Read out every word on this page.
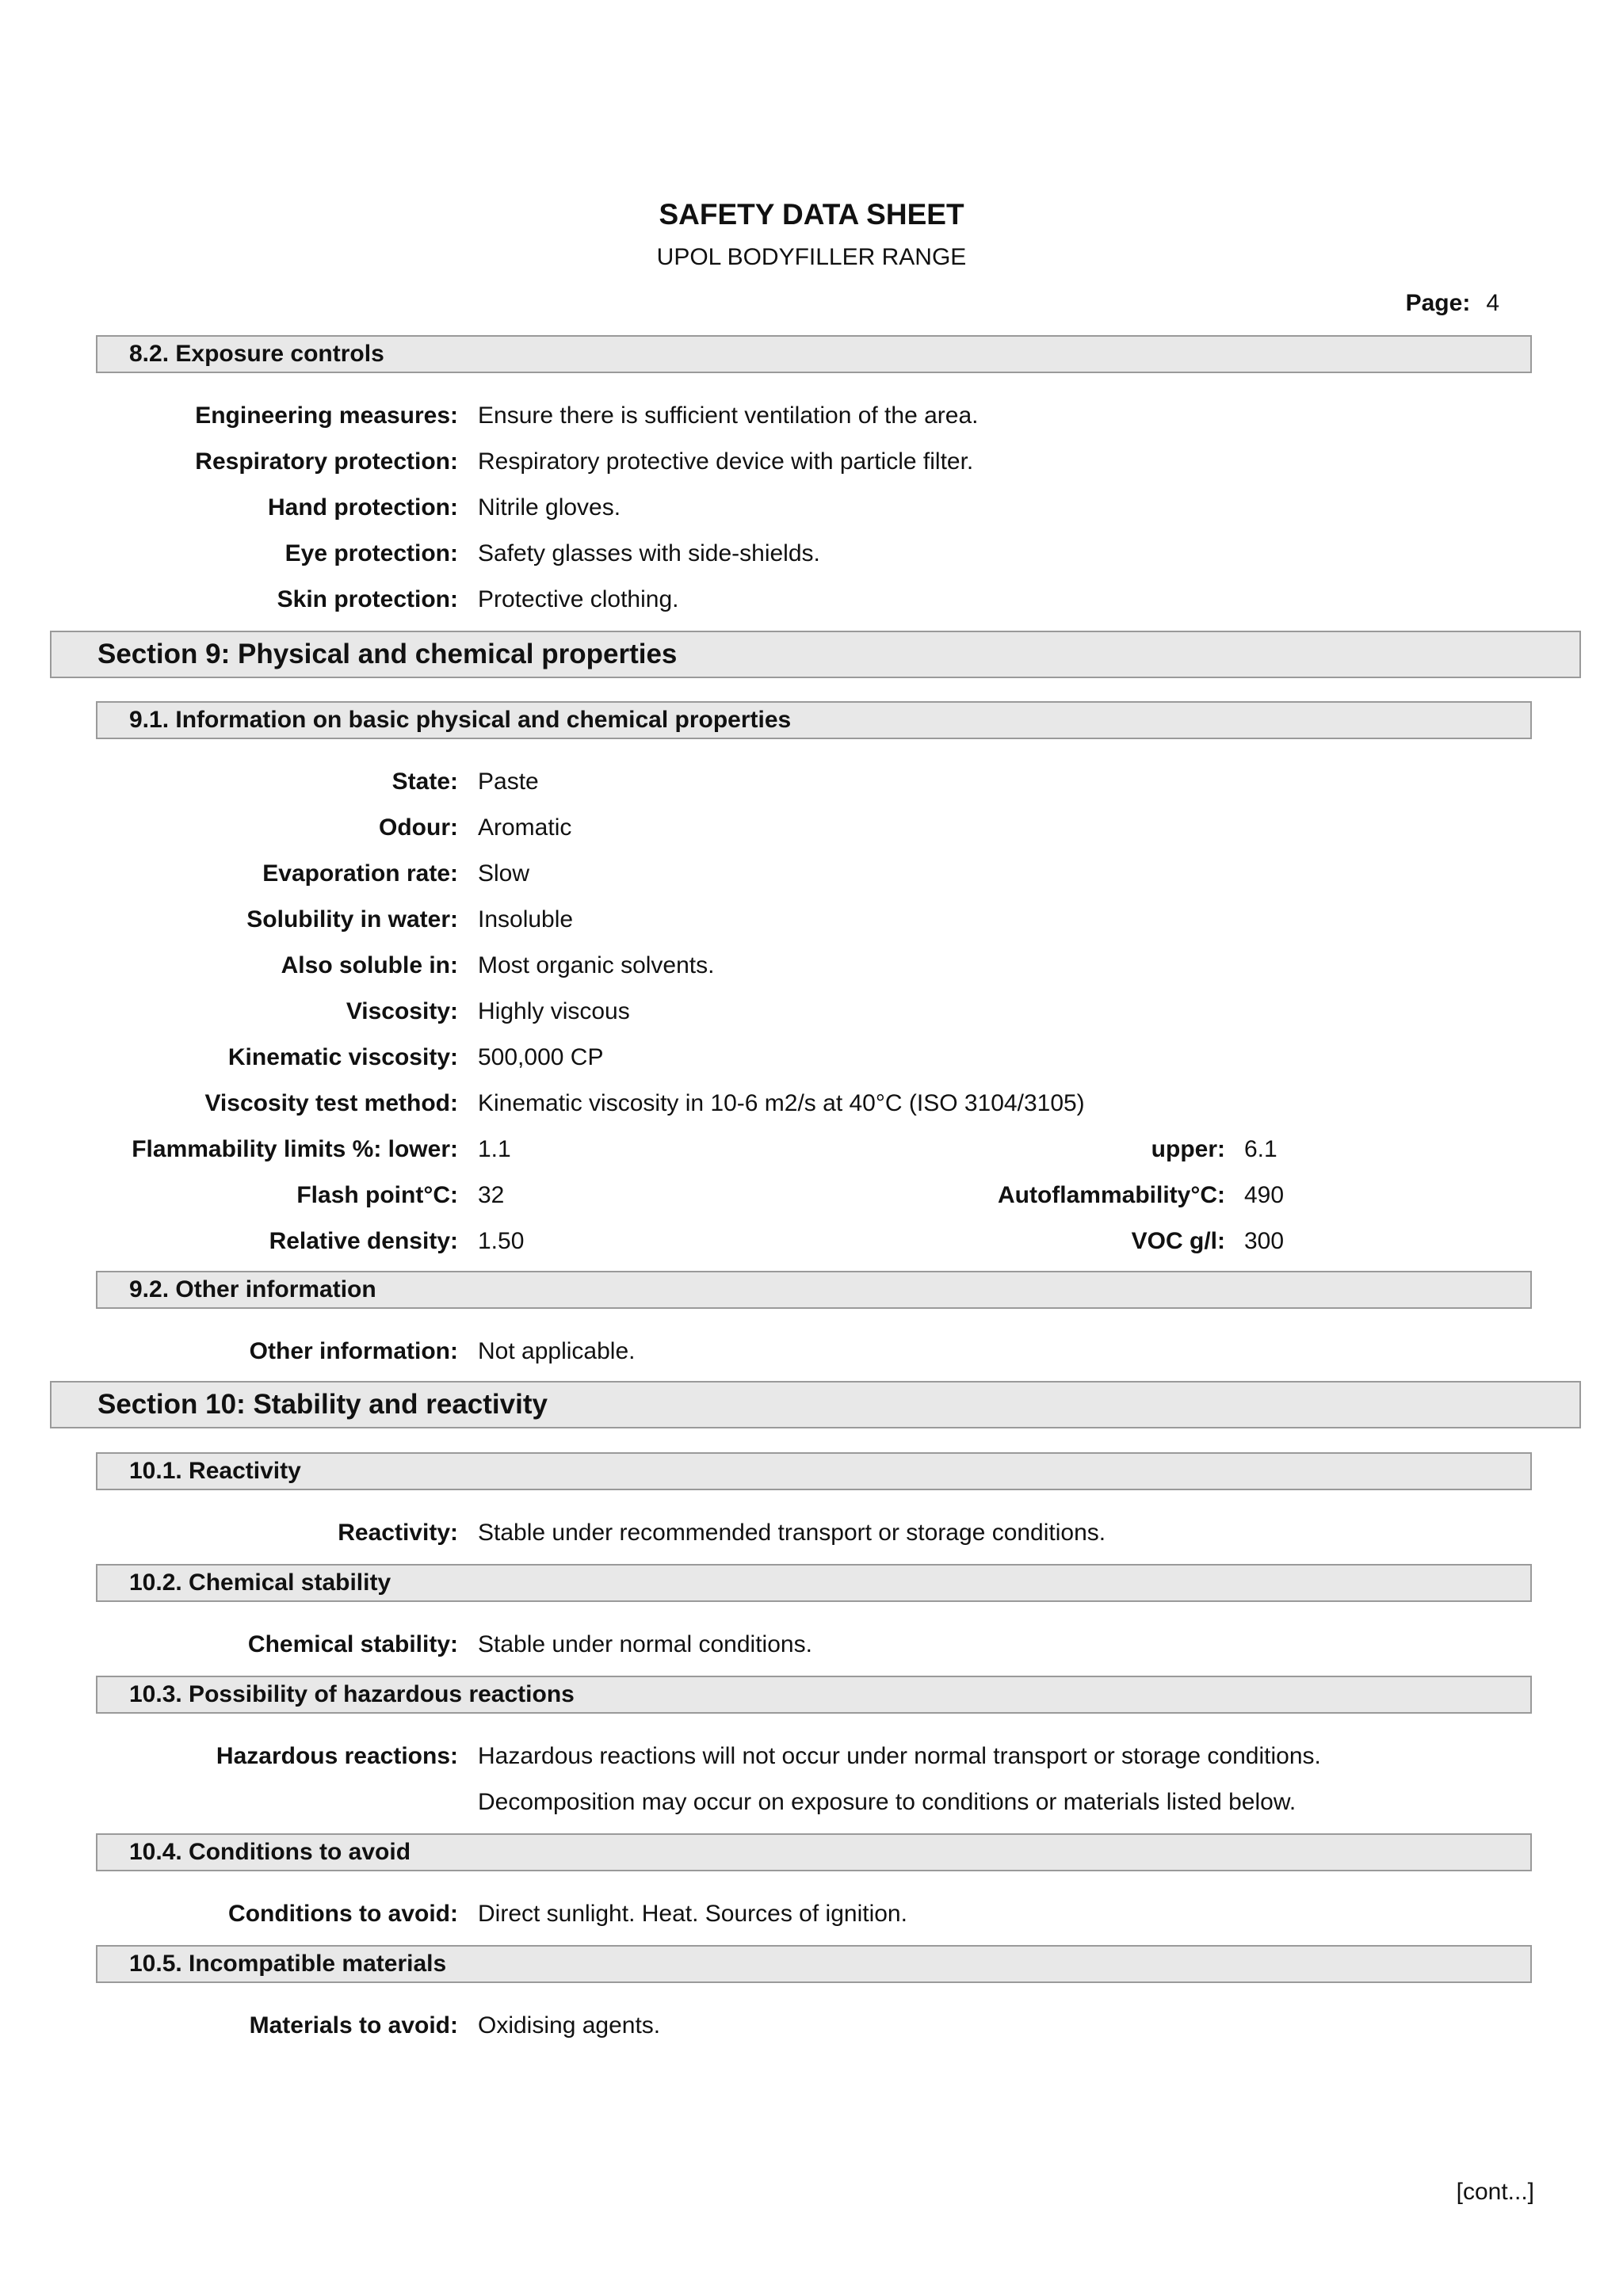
SAFETY DATA SHEET
UPOL BODYFILLER RANGE
Page: 4
8.2. Exposure controls
Engineering measures: Ensure there is sufficient ventilation of the area.
Respiratory protection: Respiratory protective device with particle filter.
Hand protection: Nitrile gloves.
Eye protection: Safety glasses with side-shields.
Skin protection: Protective clothing.
Section 9: Physical and chemical properties
9.1. Information on basic physical and chemical properties
State: Paste
Odour: Aromatic
Evaporation rate: Slow
Solubility in water: Insoluble
Also soluble in: Most organic solvents.
Viscosity: Highly viscous
Kinematic viscosity: 500,000 CP
Viscosity test method: Kinematic viscosity in 10-6 m2/s at 40°C (ISO 3104/3105)
Flammability limits %: lower: 1.1	upper: 6.1
Flash point°C: 32	Autoflammability°C: 490
Relative density: 1.50	VOC g/l: 300
9.2. Other information
Other information: Not applicable.
Section 10: Stability and reactivity
10.1. Reactivity
Reactivity: Stable under recommended transport or storage conditions.
10.2. Chemical stability
Chemical stability: Stable under normal conditions.
10.3. Possibility of hazardous reactions
Hazardous reactions: Hazardous reactions will not occur under normal transport or storage conditions.
Decomposition may occur on exposure to conditions or materials listed below.
10.4. Conditions to avoid
Conditions to avoid: Direct sunlight. Heat. Sources of ignition.
10.5. Incompatible materials
Materials to avoid: Oxidising agents.
[cont...]
